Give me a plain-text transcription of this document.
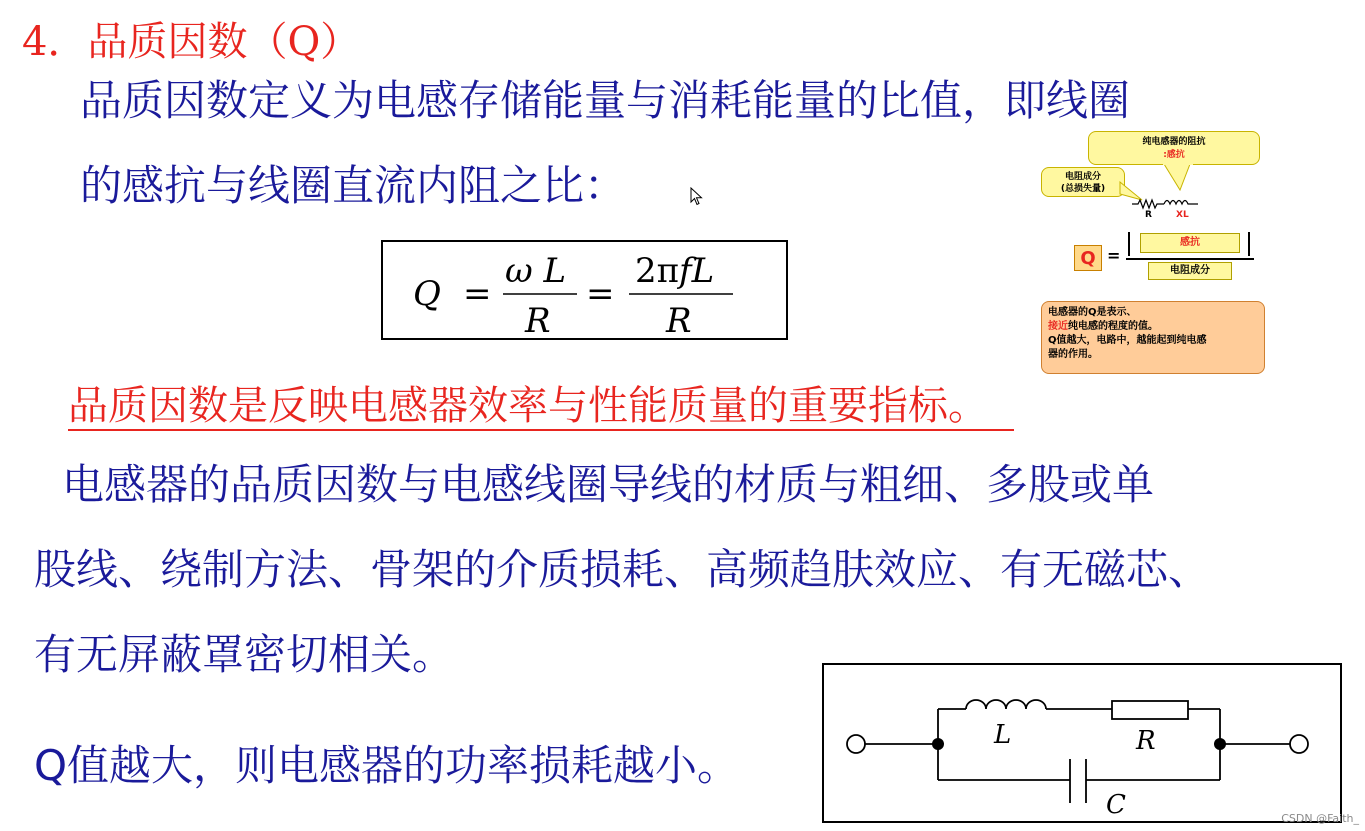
4．品质因数（Q）
品质因数定义为电感存储能量与消耗能量的比值，即线圈
的感抗与线圈直流内阻之比：
Q =
ω L
R
=
2πfL
R
纯电感器的阻抗
:感抗
电阻成分
(总损失量)
R	XL
Q =
感抗
电阻成分
电感器的Q是表示、
接近纯电感的程度的值。
Q值越大，电路中，越能起到纯电感
器的作用。
品质因数是反映电感器效率与性能质量的重要指标。
电感器的品质因数与电感线圈导线的材质与粗细、多股或单
股线、绕制方法、骨架的介质损耗、高频趋肤效应、有无磁芯、
有无屏蔽罩密切相关。
Q值越大，则电感器的功率损耗越小。
L	R
C	CSDN @Faith_
